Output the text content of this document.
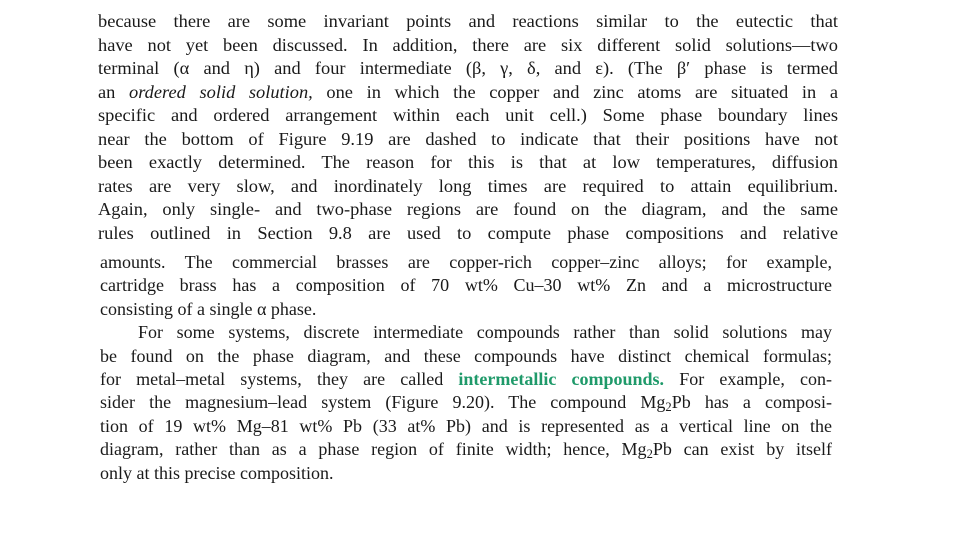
because there are some invariant points and reactions similar to the eutectic that
have not yet been discussed. In addition, there are six different solid solutions—two
terminal (α and η) and four intermediate (β, γ, δ, and ε). (The β′ phase is termed
an ordered solid solution, one in which the copper and zinc atoms are situated in a
specific and ordered arrangement within each unit cell.) Some phase boundary lines
near the bottom of Figure 9.19 are dashed to indicate that their positions have not
been exactly determined. The reason for this is that at low temperatures, diffusion
rates are very slow, and inordinately long times are required to attain equilibrium.
Again, only single- and two-phase regions are found on the diagram, and the same
rules outlined in Section 9.8 are used to compute phase compositions and relative
amounts. The commercial brasses are copper-rich copper–zinc alloys; for example,
cartridge brass has a composition of 70 wt% Cu–30 wt% Zn and a microstructure
consisting of a single α phase.
For some systems, discrete intermediate compounds rather than solid solutions may
be found on the phase diagram, and these compounds have distinct chemical formulas;
for metal–metal systems, they are called intermetallic compounds. For example, con-
sider the magnesium–lead system (Figure 9.20). The compound $Mg_2Pb$ has a composi-
tion of 19 wt% Mg–81 wt% Pb (33 at% Pb) and is represented as a vertical line on the
diagram, rather than as a phase region of finite width; hence, $Mg_2Pb$ can exist by itself
only at this precise composition.
